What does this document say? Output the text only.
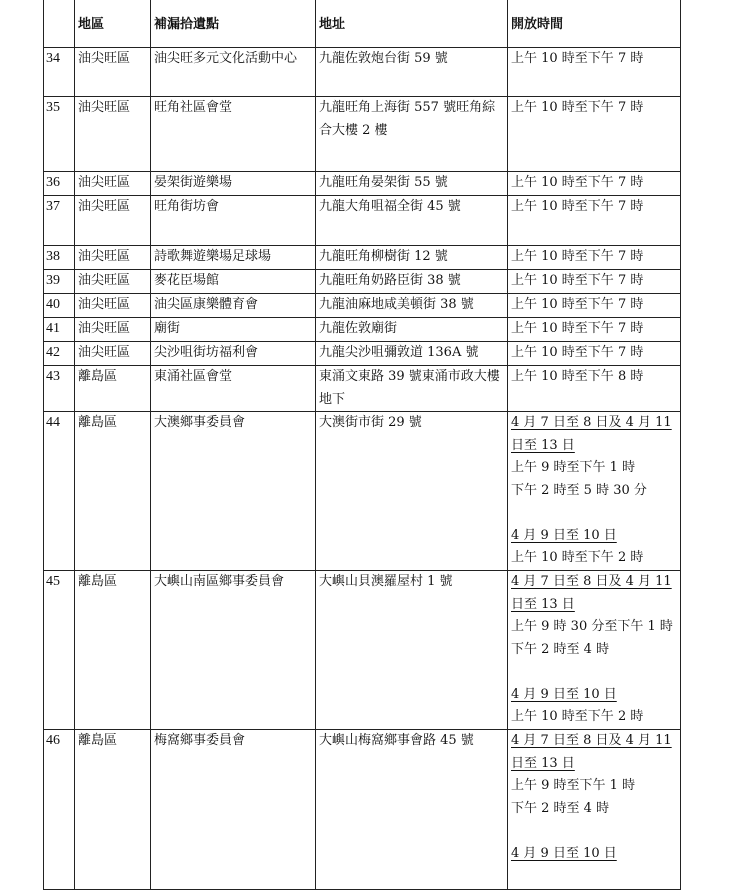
	地區	補漏拾遺點	地址	開放時間
34	油尖旺區	油尖旺多元文化活動中心	九龍佐敦炮台街 59 號	上午 10 時至下午 7 時

35	油尖旺區	旺角社區會堂	九龍旺角上海街 557 號旺角綜合大樓 2 樓	上午 10 時至下午 7 時

36	油尖旺區	晏架街遊樂場	九龍旺角晏架街 55 號	上午 10 時至下午 7 時

37	油尖旺區	旺角街坊會	九龍大角咀福全街 45 號	上午 10 時至下午 7 時

38	油尖旺區	詩歌舞遊樂場足球場	九龍旺角柳樹街 12 號	上午 10 時至下午 7 時

39	油尖旺區	麥花臣場館	九龍旺角奶路臣街 38 號	上午 10 時至下午 7 時

40	油尖旺區	油尖區康樂體育會	九龍油麻地咸美頓街 38 號	上午 10 時至下午 7 時

41	油尖旺區	廟街	九龍佐敦廟街	上午 10 時至下午 7 時

42	油尖旺區	尖沙咀街坊福利會	九龍尖沙咀彌敦道 136A 號	上午 10 時至下午 7 時

43	離島區	東涌社區會堂	東涌文東路 39 號東涌市政大樓地下	上午 10 時至下午 8 時

44	離島區	大澳鄉事委員會	大澳街市街 29 號	4 月 7 日至 8 日及 4 月 11 日至 13 日
上午 9 時至下午 1 時
下午 2 時至 5 時 30 分
4 月 9 日至 10 日
上午 10 時至下午 2 時

45	離島區	大嶼山南區鄉事委員會	大嶼山貝澳羅屋村 1 號	4 月 7 日至 8 日及 4 月 11 日至 13 日
上午 9 時 30 分至下午 1 時
下午 2 時至 4 時
4 月 9 日至 10 日
上午 10 時至下午 2 時

46	離島區	梅窩鄉事委員會	大嶼山梅窩鄉事會路 45 號	4 月 7 日至 8 日及 4 月 11 日至 13 日
上午 9 時至下午 1 時
下午 2 時至 4 時
4 月 9 日至 10 日
